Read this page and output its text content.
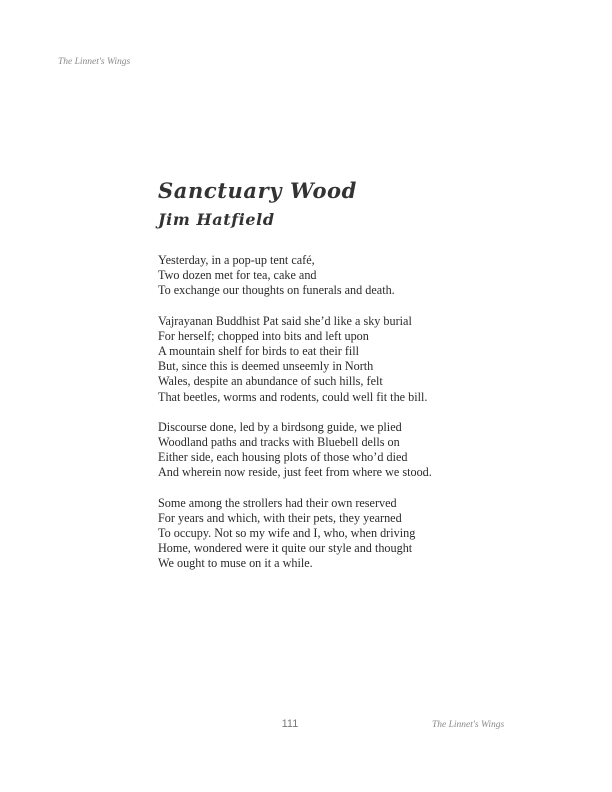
The Linnet's Wings
Sanctuary Wood
Jim Hatfield
Yesterday, in a pop-up tent café,
Two dozen met for tea, cake and
To exchange our thoughts on funerals and death.
Vajrayanan Buddhist Pat said she’d like a sky burial
For herself; chopped into bits and left upon
A mountain shelf for birds to eat their fill
But, since this is deemed unseemly in North
Wales, despite an abundance of such hills, felt
That beetles, worms and rodents, could well fit the bill.
Discourse done, led by a birdsong guide, we plied
Woodland paths and tracks with Bluebell dells on
Either side, each housing plots of those who’d died
And wherein now reside, just feet from where we stood.
Some among the strollers had their own reserved
For years and which, with their pets, they yearned
To occupy. Not so my wife and I, who, when driving
Home, wondered were it quite our style and thought
We ought to muse on it a while.
111	The Linnet's Wings
